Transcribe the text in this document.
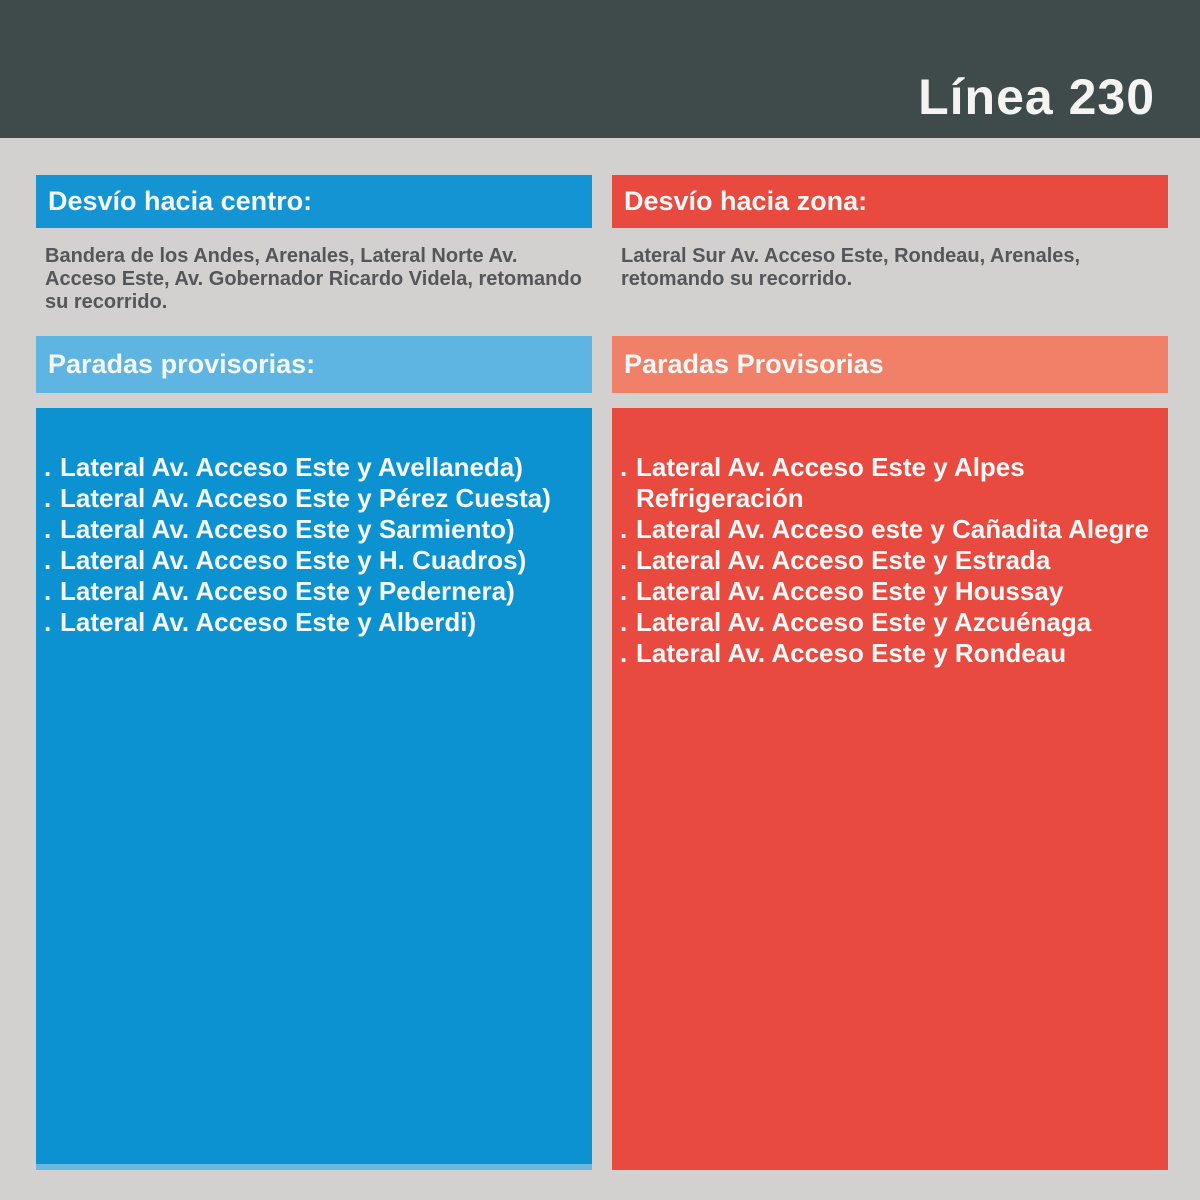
Línea 230
Desvío hacia centro:

Bandera de los Andes, Arenales, Lateral Norte Av. Acceso Este, Av. Gobernador Ricardo Videla, retomando su recorrido.

Paradas provisorias:
. Lateral Av. Acceso Este y Avellaneda)
. Lateral Av. Acceso Este y Pérez Cuesta)
. Lateral Av. Acceso Este y Sarmiento)
. Lateral Av. Acceso Este y H. Cuadros)
. Lateral Av. Acceso Este y Pedernera)
. Lateral Av. Acceso Este y Alberdi)
Desvío hacia zona:

Lateral Sur Av. Acceso Este, Rondeau, Arenales, retomando su recorrido.

Paradas Provisorias
. Lateral Av. Acceso Este y Alpes Refrigeración
. Lateral Av. Acceso este y Cañadita Alegre
. Lateral Av. Acceso Este y Estrada
. Lateral Av. Acceso Este y Houssay
. Lateral Av. Acceso Este y Azcuénaga
. Lateral Av. Acceso Este y Rondeau
